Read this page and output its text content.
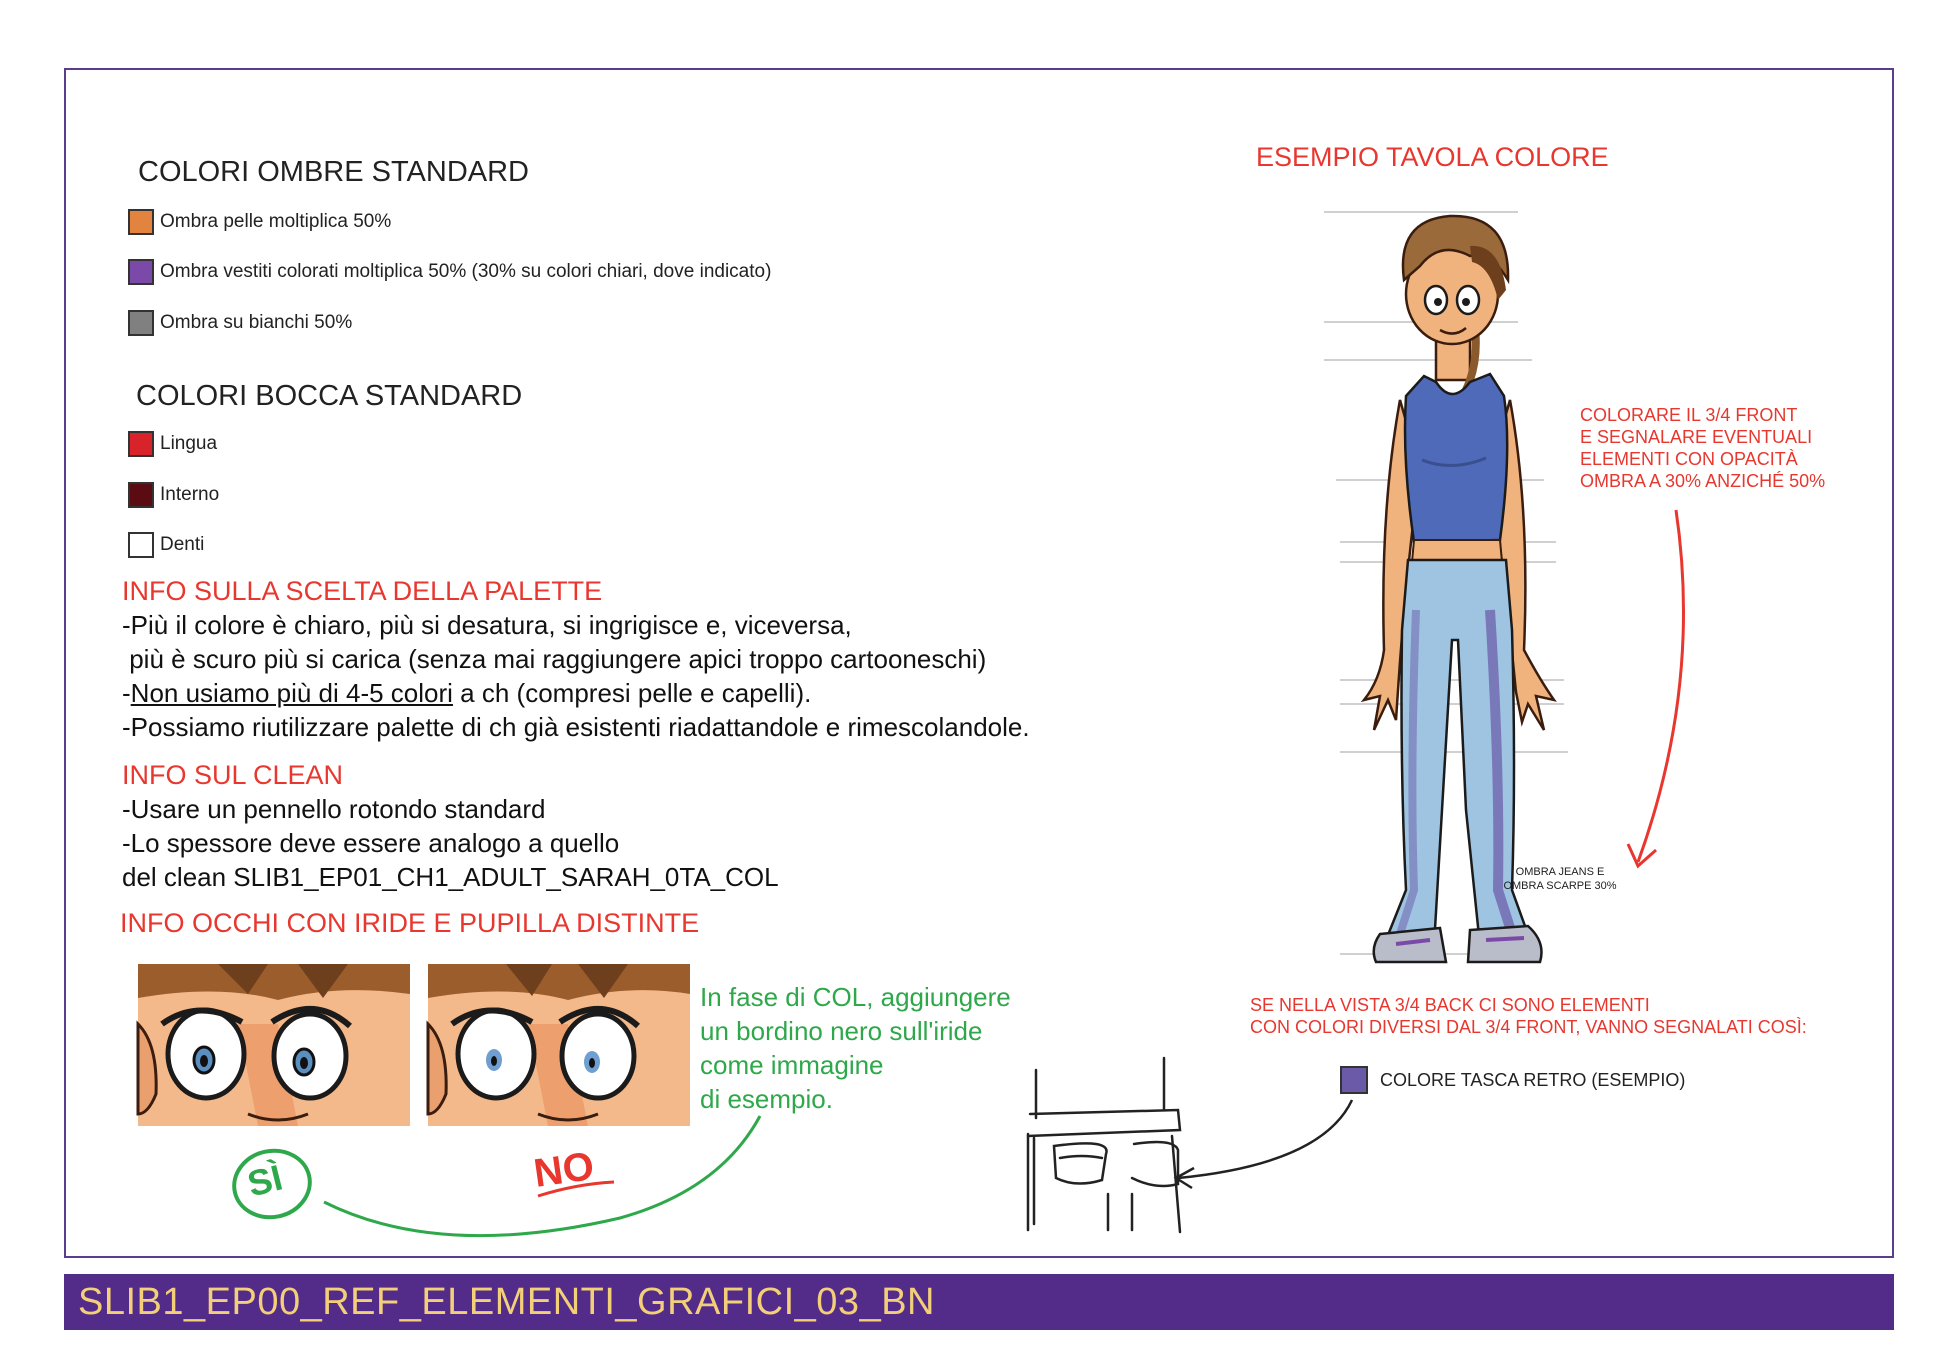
COLORI OMBRE STANDARD
Ombra pelle moltiplica 50%
Ombra vestiti colorati moltiplica 50% (30% su colori chiari, dove indicato)
Ombra su bianchi 50%
COLORI BOCCA STANDARD
Lingua
Interno
Denti
INFO SULLA SCELTA DELLA PALETTE
-Più il colore è chiaro, più si desatura, si ingrigisce e, viceversa,
più è scuro più si carica (senza mai raggiungere apici troppo cartooneschi)
-Non usiamo più di 4-5 colori a ch (compresi pelle e capelli).
-Possiamo riutilizzare palette di ch già esistenti riadattandole e rimescolandole.
INFO SUL CLEAN
-Usare un pennello rotondo standard
-Lo spessore deve essere analogo a quello
del clean SLIB1_EP01_CH1_ADULT_SARAH_0TA_COL
INFO OCCHI CON IRIDE E PUPILLA DISTINTE
In fase di COL, aggiungere
un bordino nero sull'iride
come immagine
di esempio.
SÌ	NO
ESEMPIO TAVOLA COLORE
COLORARE IL 3/4 FRONT
E SEGNALARE EVENTUALI
ELEMENTI CON OPACITÀ
OMBRA A 30% ANZICHÉ 50%
OMBRA JEANS E
OMBRA SCARPE 30%
SE NELLA VISTA 3/4 BACK CI SONO ELEMENTI
CON COLORI DIVERSI DAL 3/4 FRONT, VANNO SEGNALATI COSÌ:
COLORE TASCA RETRO (ESEMPIO)
SLIB1_EP00_REF_ELEMENTI_GRAFICI_03_BN
